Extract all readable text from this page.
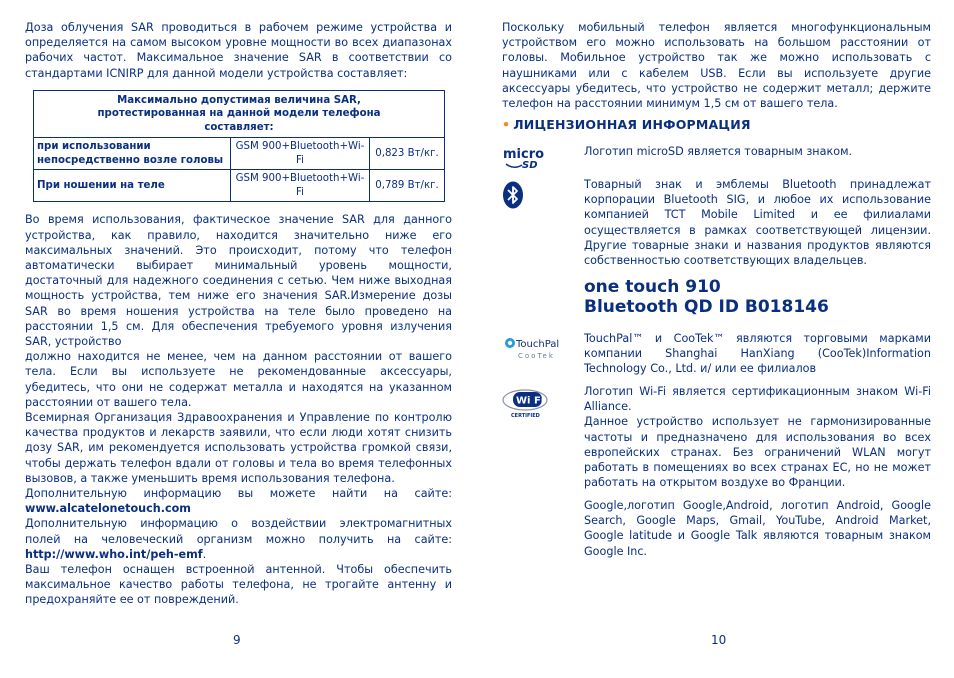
Доза облучения SAR проводиться в рабочем режиме устройства и определяется на самом высоком уровне мощности во всех диапазонах рабочих частот. Максимальное значение SAR в соответствии со стандартами ICNIRP для данной модели устройства составляет:

Максимально допустимая величина SAR, протестированная на данной модели телефона составляет:		
при использовании непосредственно возле головы	GSM 900+Bluetooth+Wi-Fi	0,823 Вт/кг.
При ношении на теле	GSM 900+Bluetooth+Wi-Fi	0,789 Вт/кг.

Во время использования, фактическое значение SAR для данного устройства, как правило, находится значительно ниже его максимальных значений. Это происходит, потому что телефон автоматически выбирает минимальный уровень мощности, достаточный для надежного соединения с сетью. Чем ниже выходная мощность устройства, тем ниже его значения SAR.Измерение дозы SAR во время ношения устройства на теле было проведено на расстоянии 1,5 см. Для обеспечения требуемого уровня излучения SAR, устройство

должно находится не менее, чем на данном расстоянии от вашего тела. Если вы используете не рекомендованные аксессуары, убедитесь, что они не содержат металла и находятся на указанном расстоянии от вашего тела.

Всемирная Организация Здравоохранения и Управление по контролю качества продуктов и лекарств заявили, что если люди хотят снизить дозу SAR, им рекомендуется использовать устройства громкой связи, чтобы держать телефон вдали от головы и тела во время телефонных вызовов, а также уменьшить время использования телефона.

Дополнительную информацию вы можете найти на сайте: www.alcatelonetouch.com

Дополнительную информацию о воздействии электромагнитных полей на человеческий организм можно получить на сайте: http://www.who.int/peh-emf.

Ваш телефон оснащен встроенной антенной. Чтобы обеспечить максимальное качество работы телефона, не трогайте антенну и предохраняйте ее от повреждений.

9
Поскольку мобильный телефон является многофункциональным устройством его можно использовать на большом расстоянии от головы. Мобильное устройство так же можно использовать с наушниками или с кабелем USB. Если вы используете другие аксессуары убедитесь, что устройство не содержит металл; держите телефон на расстоянии минимум 1,5 см от вашего тела.
• ЛИЦЕНЗИОННАЯ ИНФОРМАЦИЯ
micro
SD
Логотип microSD является товарным знаком.
Товарный знак и эмблемы Bluetooth принадлежат корпорации Bluetooth SIG, и любое их использование компанией TCT Mobile Limited и ее филиалами осуществляется в рамках соответствующей лицензии. Другие товарные знаки и названия продуктов являются собственностью соответствующих владельцев.
one touch 910
Bluetooth QD ID B018146
TouchPal
CooTek
TouchPal™ и CooTek™ являются торговыми марками компании Shanghai HanXiang (CooTek)Information Technology Co., Ltd. и/ или ее филиалов
Wi Fi
CERTIFIED
Логотип Wi-Fi является сертификационным знаком Wi-Fi Alliance.
Данное устройство использует не гармонизированные частоты и предназначено для использования во всех европейских странах. Без ограничений WLAN могут работать в помещениях во всех странах ЕС, но не может работать на открытом воздухе во Франции.
Google,логотип Google,Android, логотип Android, Google Search, Google Maps, Gmail, YouTube, Android Market, Google latitude и Google Talk являются товарным знаком Google Inc.
10
